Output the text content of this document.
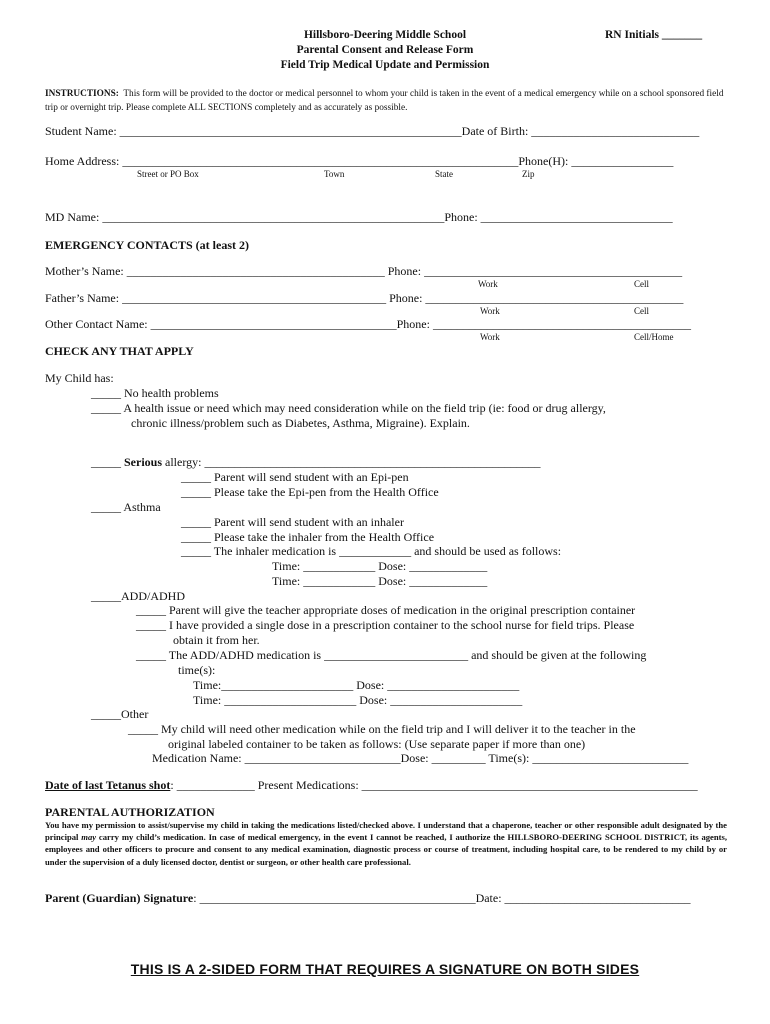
Hillsboro-Deering Middle School
Parental Consent and Release Form
Field Trip Medical Update and Permission
RN Initials _______
INSTRUCTIONS: This form will be provided to the doctor or medical personnel to whom your child is taken in the event of a medical emergency while on a school sponsored field trip or overnight trip. Please complete ALL SECTIONS completely and as accurately as possible.
Student Name: _________________________________________________________Date of Birth: ____________________________
Home Address: __________________________________________________________________Phone(H): _________________
Street or PO Box	Town	State	Zip
MD Name: _________________________________________________________Phone: ________________________________
EMERGENCY CONTACTS (at least 2)
Mother’s Name: ___________________________________________ Phone: ___________________________________________
Work	Cell
Father’s Name: ____________________________________________ Phone: ___________________________________________
Work	Cell
Other Contact Name: _________________________________________Phone: ___________________________________________
Work	Cell/Home
CHECK ANY THAT APPLY
My Child has:
_____ No health problems
_____ A health issue or need which may need consideration while on the field trip (ie: food or drug allergy,
chronic illness/problem such as Diabetes, Asthma, Migraine). Explain.
_____ Serious allergy: ________________________________________________________
_____ Parent will send student with an Epi-pen
_____ Please take the Epi-pen from the Health Office
_____ Asthma
_____ Parent will send student with an inhaler
_____ Please take the inhaler from the Health Office
_____ The inhaler medication is ____________ and should be used as follows:
Time: ____________ Dose: _____________
Time: ____________ Dose: _____________
_____ADD/ADHD
_____ Parent will give the teacher appropriate doses of medication in the original prescription container
_____ I have provided a single dose in a prescription container to the school nurse for field trips. Please
obtain it from her.
_____ The ADD/ADHD medication is ________________________ and should be given at the following
time(s):
Time:______________________ Dose: ______________________
Time: ______________________ Dose: ______________________
_____Other
_____ My child will need other medication while on the field trip and I will deliver it to the teacher in the
original labeled container to be taken as follows: (Use separate paper if more than one)
Medication Name: __________________________Dose: _________ Time(s): __________________________
Date of last Tetanus shot: _____________ Present Medications: ________________________________________________________
PARENTAL AUTHORIZATION
You have my permission to assist/supervise my child in taking the medications listed/checked above. I understand that a chaperone, teacher or other responsible adult designated by the principal may carry my child’s medication. In case of medical emergency, in the event I cannot be reached, I authorize the HILLSBORO-DEERING SCHOOL DISTRICT, its agents, employees and other officers to procure and consent to any medical examination, diagnostic process or course of treatment, including hospital care, to be rendered to my child by or under the supervision of a duly licensed doctor, dentist or surgeon, or other health care professional.
Parent (Guardian) Signature: ______________________________________________Date: _______________________________
THIS IS A 2-SIDED FORM THAT REQUIRES A SIGNATURE ON BOTH SIDES
